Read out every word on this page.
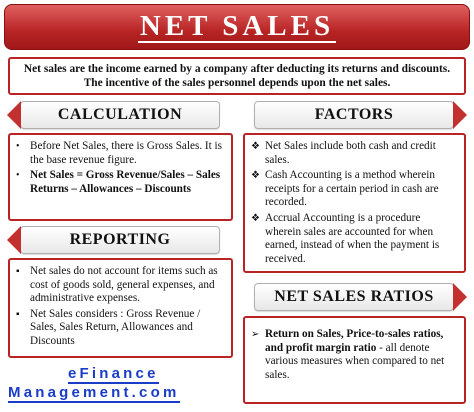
NET SALES
Net sales are the income earned by a company after deducting its returns and discounts. The incentive of the sales personnel depends upon the net sales.
CALCULATION
• Before Net Sales, there is Gross Sales. It is the base revenue figure.
• Net Sales = Gross Revenue/Sales – Sales Returns – Allowances – Discounts
FACTORS
❖ Net Sales include both cash and credit sales.
❖ Cash Accounting is a method wherein receipts for a certain period in cash are recorded.
❖ Accrual Accounting is a procedure wherein sales are accounted for when earned, instead of when the payment is received.
REPORTING
▪ Net sales do not account for items such as cost of goods sold, general expenses, and administrative expenses.
▪ Net Sales considers : Gross Revenue / Sales, Sales Return, Allowances and Discounts
NET SALES RATIOS
➢ Return on Sales, Price-to-sales ratios, and profit margin ratio - all denote various measures when compared to net sales.
eFinance
Management.com
